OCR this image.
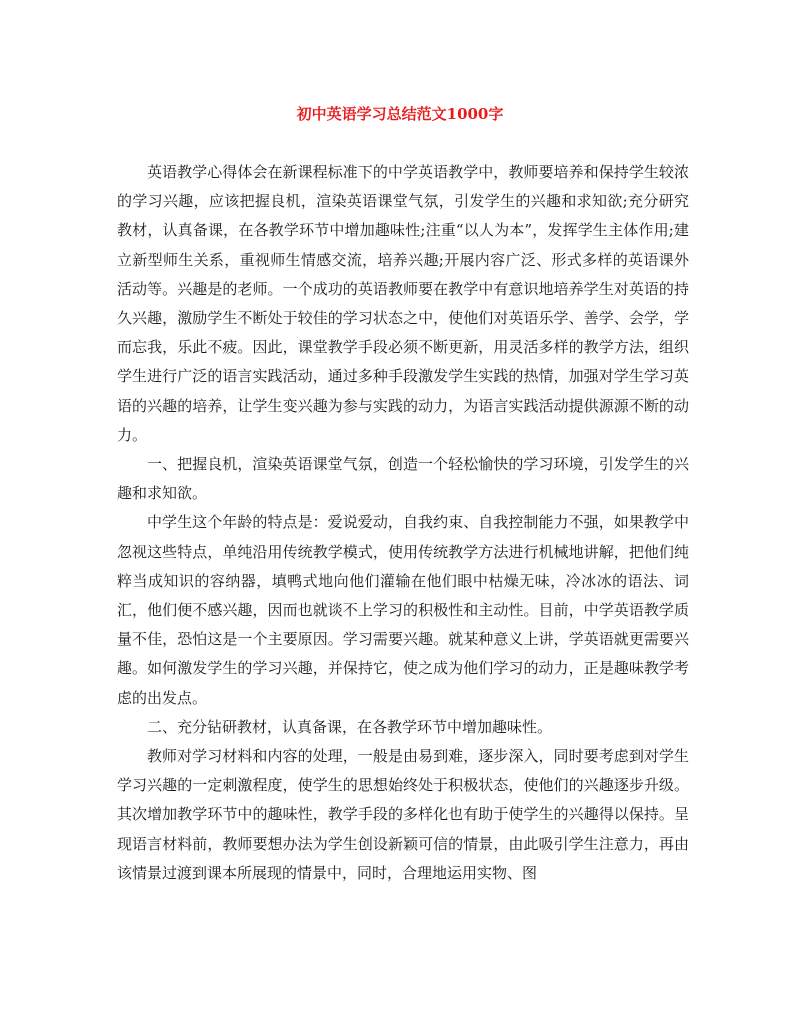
初中英语学习总结范文1000字

英语教学心得体会在新课程标准下的中学英语教学中，教师要培养和保持学生较浓的学习兴趣，应该把握良机，渲染英语课堂气氛，引发学生的兴趣和求知欲;充分研究教材，认真备课，在各教学环节中增加趣味性;注重“以人为本”，发挥学生主体作用;建立新型师生关系，重视师生情感交流，培养兴趣;开展内容广泛、形式多样的英语课外活动等。兴趣是的老师。一个成功的英语教师要在教学中有意识地培养学生对英语的持久兴趣，激励学生不断处于较佳的学习状态之中，使他们对英语乐学、善学、会学，学而忘我，乐此不疲。因此，课堂教学手段必须不断更新，用灵活多样的教学方法，组织学生进行广泛的语言实践活动，通过多种手段激发学生实践的热情，加强对学生学习英语的兴趣的培养，让学生变兴趣为参与实践的动力，为语言实践活动提供源源不断的动力。

一、把握良机，渲染英语课堂气氛，创造一个轻松愉快的学习环境，引发学生的兴趣和求知欲。

中学生这个年龄的特点是：爱说爱动，自我约束、自我控制能力不强，如果教学中忽视这些特点，单纯沿用传统教学模式，使用传统教学方法进行机械地讲解，把他们纯粹当成知识的容纳器，填鸭式地向他们灌输在他们眼中枯燥无味，冷冰冰的语法、词汇，他们便不感兴趣，因而也就谈不上学习的积极性和主动性。目前，中学英语教学质量不佳，恐怕这是一个主要原因。学习需要兴趣。就某种意义上讲，学英语就更需要兴趣。如何激发学生的学习兴趣，并保持它，使之成为他们学习的动力，正是趣味教学考虑的出发点。

二、充分钻研教材，认真备课，在各教学环节中增加趣味性。

教师对学习材料和内容的处理，一般是由易到难，逐步深入，同时要考虑到对学生学习兴趣的一定刺激程度，使学生的思想始终处于积极状态，使他们的兴趣逐步升级。其次增加教学环节中的趣味性，教学手段的多样化也有助于使学生的兴趣得以保持。呈现语言材料前，教师要想办法为学生创设新颖可信的情景，由此吸引学生注意力，再由该情景过渡到课本所展现的情景中，同时，合理地运用实物、图
